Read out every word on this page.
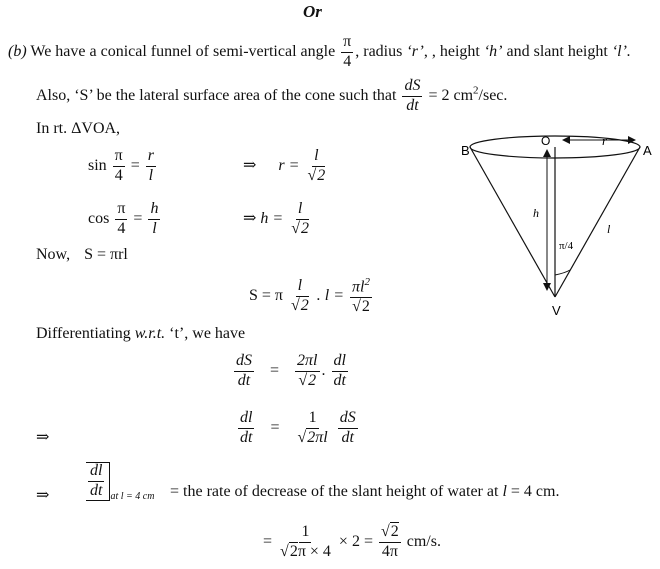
Or
(b) We have a conical funnel of semi-vertical angle $\frac{\pi}{4}$ , radius ‘r’, , height ‘h’ and slant height ‘l’.
Also, ‘S’ be the lateral surface area of the cone such that $\frac{dS}{dt} = 2$ $cm^2/\sec$.
In rt. ΔVOA,
$\sin \frac{\pi}{4} = \frac{r}{l}$	⇒ $r = \frac{l}{√2}$
$\cos \frac{\pi}{4} = \frac{h}{l}$	⇒ $h = \frac{l}{√2}$
Now, S = πrl
S = π $\frac{l}{√2}$ . $l = \frac{\pi l^2}{√2}$
Differentiating w.r.t. ‘t’, we have
$\frac{dS}{dt} = \frac{2\pi l}{√2}$ . $\frac{dl}{dt}$
⇒	$\frac{dl}{dt} = \frac{1}{√2\pi l}$
$\frac{dS}{dt}$
⇒ $\frac{dl}{dt} _{at l = 4 cm}$ = the rate of decrease of the slant height of water at l = 4 cm.
= $\frac{1}{√2\pi \times 4} \times 2 = \frac{√2}{4\pi} cm/s$.
B	A
O
V
r
h
l
π/4
